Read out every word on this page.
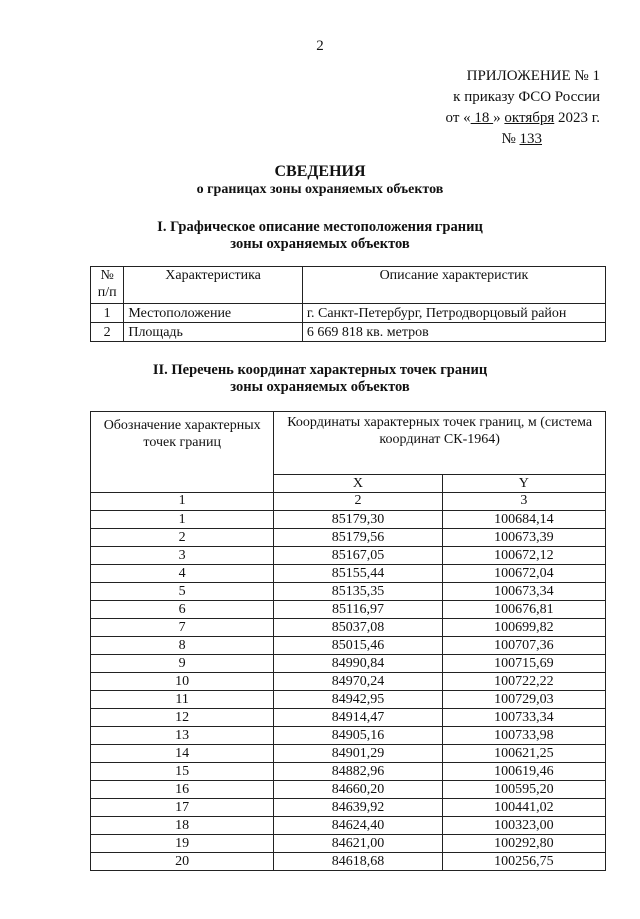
2
ПРИЛОЖЕНИЕ № 1
к приказу ФСО России
от « 18 » октября 2023 г.
№ 133
СВЕДЕНИЯ
о границах зоны охраняемых объектов
I. Графическое описание местоположения границ
зоны охраняемых объектов
№
п/п	Характеристика	Описание характеристик
1	Местоположение	г. Санкт-Петербург, Петродворцовый район
2	Площадь	6 669 818 кв. метров
II. Перечень координат характерных точек границ
зоны охраняемых объектов
Обозначение характерных точек границ	Координаты характерных точек границ, м (система координат СК-1964)	
	X	Y
1	2	3
1	85179,30	100684,14
2	85179,56	100673,39
3	85167,05	100672,12
4	85155,44	100672,04
5	85135,35	100673,34
6	85116,97	100676,81
7	85037,08	100699,82
8	85015,46	100707,36
9	84990,84	100715,69
10	84970,24	100722,22
11	84942,95	100729,03
12	84914,47	100733,34
13	84905,16	100733,98
14	84901,29	100621,25
15	84882,96	100619,46
16	84660,20	100595,20
17	84639,92	100441,02
18	84624,40	100323,00
19	84621,00	100292,80
20	84618,68	100256,75
